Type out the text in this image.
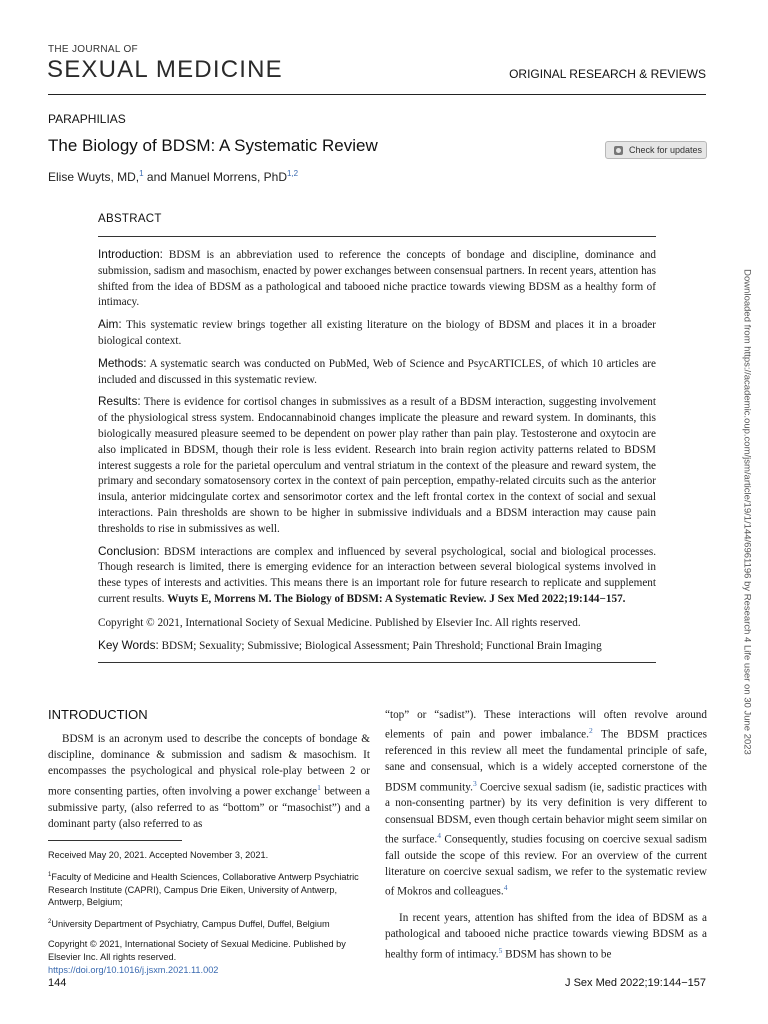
THE JOURNAL OF
SEXUAL MEDICINE	ORIGINAL RESEARCH & REVIEWS
PARAPHILIAS
The Biology of BDSM: A Systematic Review
Elise Wuyts, MD,$^1$ and Manuel Morrens, PhD$^{1,2}$
Check for updates
ABSTRACT

Introduction: BDSM is an abbreviation used to reference the concepts of bondage and discipline, dominance and submission, sadism and masochism, enacted by power exchanges between consensual partners. In recent years, attention has shifted from the idea of BDSM as a pathological and tabooed niche practice towards viewing BDSM as a healthy form of intimacy.

Aim: This systematic review brings together all existing literature on the biology of BDSM and places it in a broader biological context.

Methods: A systematic search was conducted on PubMed, Web of Science and PsycARTICLES, of which 10 articles are included and discussed in this systematic review.

Results: There is evidence for cortisol changes in submissives as a result of a BDSM interaction, suggesting involvement of the physiological stress system. Endocannabinoid changes implicate the pleasure and reward system. In dominants, this biologically measured pleasure seemed to be dependent on power play rather than pain play. Testosterone and oxytocin are also implicated in BDSM, though their role is less evident. Research into brain region activity patterns related to BDSM interest suggests a role for the parietal operculum and ventral striatum in the context of the pleasure and reward system, the primary and secondary somatosensory cortex in the context of pain perception, empathy-related circuits such as the anterior insula, anterior midcingulate cortex and sensorimotor cortex and the left frontal cortex in the context of social and sexual interactions. Pain thresholds are shown to be higher in submissive individuals and a BDSM interaction may cause pain thresholds to rise in submissives as well.

Conclusion: BDSM interactions are complex and influenced by several psychological, social and biological processes. Though research is limited, there is emerging evidence for an interaction between several biological systems involved in these types of interests and activities. This means there is an important role for future research to replicate and supplement current results. Wuyts E, Morrens M. The Biology of BDSM: A Systematic Review. J Sex Med 2022;19:144−157.

Copyright © 2021, International Society of Sexual Medicine. Published by Elsevier Inc. All rights reserved.

Key Words: BDSM; Sexuality; Submissive; Biological Assessment; Pain Threshold; Functional Brain Imaging	Downloaded from https://academic.oup.com/jsm/article/19/1/144/6961196 by Research 4 Life user on 30 June 2023
INTRODUCTION
BDSM is an acronym used to describe the concepts of bondage & discipline, dominance & submission and sadism & masochism. It encompasses the psychological and physical role-play between 2 or more consenting parties, often involving a power exchange$^1$ between a submissive party, (also referred to as “bottom” or “masochist”) and a dominant party (also referred to as

“top” or “sadist”). These interactions will often revolve around elements of pain and power imbalance.$^2$ The BDSM practices referenced in this review all meet the fundamental principle of safe, sane and consensual, which is a widely accepted cornerstone of the BDSM community.$^3$ Coercive sexual sadism (ie, sadistic practices with a non-consenting partner) by its very definition is very different to consensual BDSM, even though certain behavior might seem similar on the surface.$^4$ Consequently, studies focusing on coercive sexual sadism fall outside the scope of this review. For an overview of the current literature on coercive sexual sadism, we refer to the systematic review of Mokros and colleagues.$^4$

In recent years, attention has shifted from the idea of BDSM as a pathological and tabooed niche practice towards viewing BDSM as a healthy form of intimacy.$^5$ BDSM has shown to be

Received May 20, 2021. Accepted November 3, 2021.

$^1$Faculty of Medicine and Health Sciences, Collaborative Antwerp Psychiatric Research Institute (CAPRI), Campus Drie Eiken, University of Antwerp, Antwerp, Belgium;

$^2$University Department of Psychiatry, Campus Duffel, Duffel, Belgium

Copyright © 2021, International Society of Sexual Medicine. Published by Elsevier Inc. All rights reserved.
https://doi.org/10.1016/j.jsxm.2021.11.002

144	J Sex Med 2022;19:144−157
